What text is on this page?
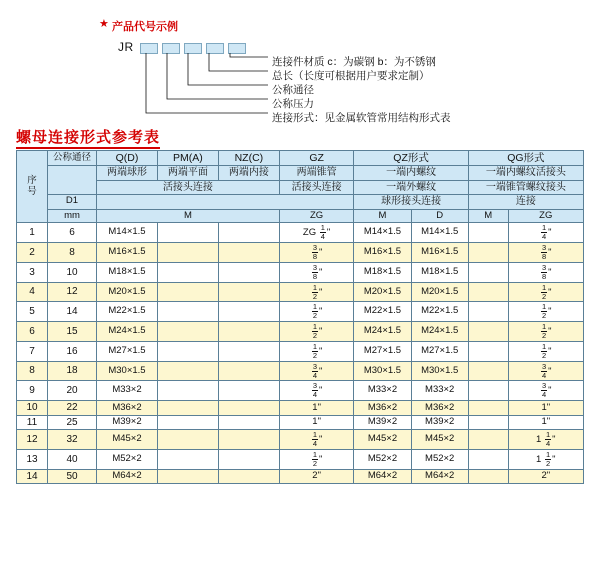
★ 产品代号示例
JR
连接件材质 c：为碳钢 b：为不锈钢
总长（长度可根据用户要求定制）
公称通径
公称压力
连接形式：见金属软管常用结构形式表
螺母连接形式参考表
序
号	公称通径	Q(D)	PM(A)	NZ(C)	GZ	QZ形式		QG形式	
		两端球形	两端平面	两端内接	两端锥管	一端内螺纹		一端内螺纹活接头	
		活接头连接			活接头连接	一端外螺纹		一端锥管螺纹接头	
	D1					球形接头连接		连接	
	mm	M			ZG	M	D	M	ZG
1	6	M14×1.5			ZG $\frac{1}{4}$ "	M14×1.5	M14×1.5		$\frac{1}{4}$ "
2	8	M16×1.5			$\frac{3}{8}$ "	M16×1.5	M16×1.5		$\frac{3}{8}$ "
3	10	M18×1.5			$\frac{3}{8}$ "	M18×1.5	M18×1.5		$\frac{3}{8}$ "
4	12	M20×1.5			$\frac{1}{2}$ "	M20×1.5	M20×1.5		$\frac{1}{2}$ "
5	14	M22×1.5			$\frac{1}{2}$ "	M22×1.5	M22×1.5		$\frac{1}{2}$ "
6	15	M24×1.5			$\frac{1}{2}$ "	M24×1.5	M24×1.5		$\frac{1}{2}$ "
7	16	M27×1.5			$\frac{1}{2}$ "	M27×1.5	M27×1.5		$\frac{1}{2}$ "
8	18	M30×1.5			$\frac{3}{4}$ "	M30×1.5	M30×1.5		$\frac{3}{4}$ "
9	20	M33×2			$\frac{3}{4}$ "	M33×2	M33×2		$\frac{3}{4}$ "
10	22	M36×2			1"	M36×2	M36×2		1"
11	25	M39×2			1"	M39×2	M39×2		1"
12	32	M45×2			$\frac{1}{4}$ "	M45×2	M45×2		$1 \frac{1}{4}$ "
13	40	M52×2			$\frac{1}{2}$ "	M52×2	M52×2		$1 \frac{1}{2}$ "
14	50	M64×2			2"	M64×2	M64×2		2"
